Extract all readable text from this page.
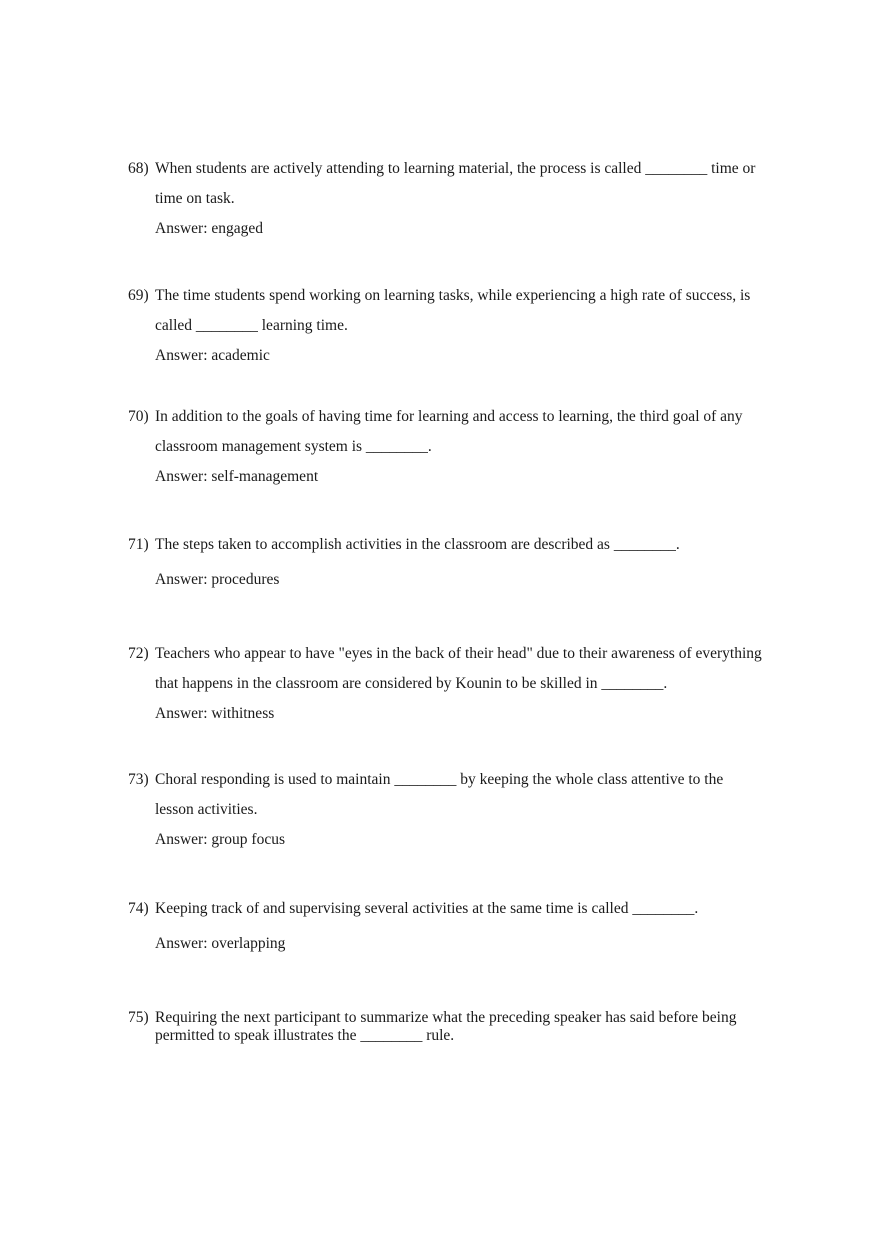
68) When students are actively attending to learning material, the process is called ________ time or
time on task.
Answer: engaged
69) The time students spend working on learning tasks, while experiencing a high rate of success, is
called ________ learning time.
Answer: academic
70) In addition to the goals of having time for learning and access to learning, the third goal of any
classroom management system is ________.
Answer: self-management
71) The steps taken to accomplish activities in the classroom are described as ________.
Answer: procedures
72) Teachers who appear to have "eyes in the back of their head" due to their awareness of everything
that happens in the classroom are considered by Kounin to be skilled in ________.
Answer: withitness
73) Choral responding is used to maintain ________ by keeping the whole class attentive to the
lesson activities.
Answer: group focus
74) Keeping track of and supervising several activities at the same time is called ________.
Answer: overlapping
75) Requiring the next participant to summarize what the preceding speaker has said before being
permitted to speak illustrates the ________ rule.
